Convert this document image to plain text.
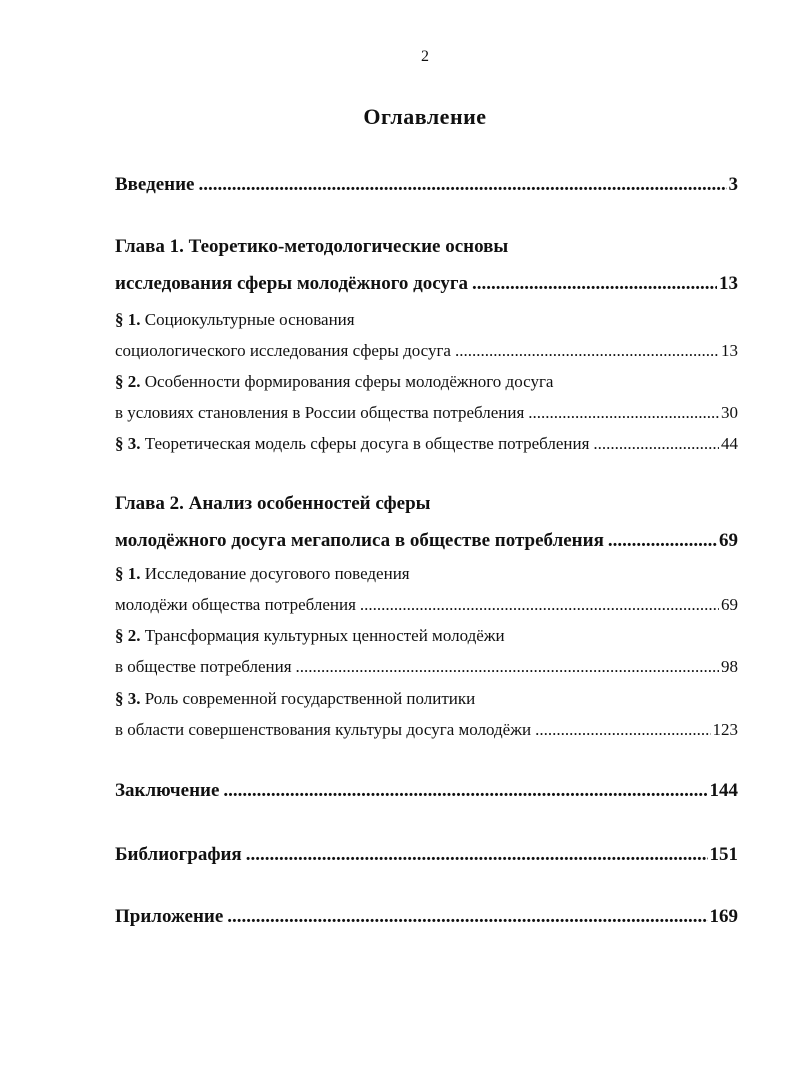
2
Оглавление
Введение .....	3
Глава 1. Теоретико-методологические основы
исследования сферы молодёжного досуга .....	13
§ 1. Социокультурные основания
социологического исследования сферы досуга .....	13
§ 2. Особенности формирования сферы молодёжного досуга
в условиях становления в России общества потребления .....	30
§ 3. Теоретическая модель сферы досуга в обществе потребления .....	44
Глава 2. Анализ особенностей сферы
молодёжного досуга мегаполиса в обществе потребления .....	69
§ 1. Исследование досугового поведения
молодёжи общества потребления .....	69
§ 2. Трансформация культурных ценностей молодёжи
в обществе потребления .....	98
§ 3. Роль современной государственной политики
в области совершенствования культуры досуга молодёжи .....	123
Заключение .....	144
Библиография .....	151
Приложение .....	169
